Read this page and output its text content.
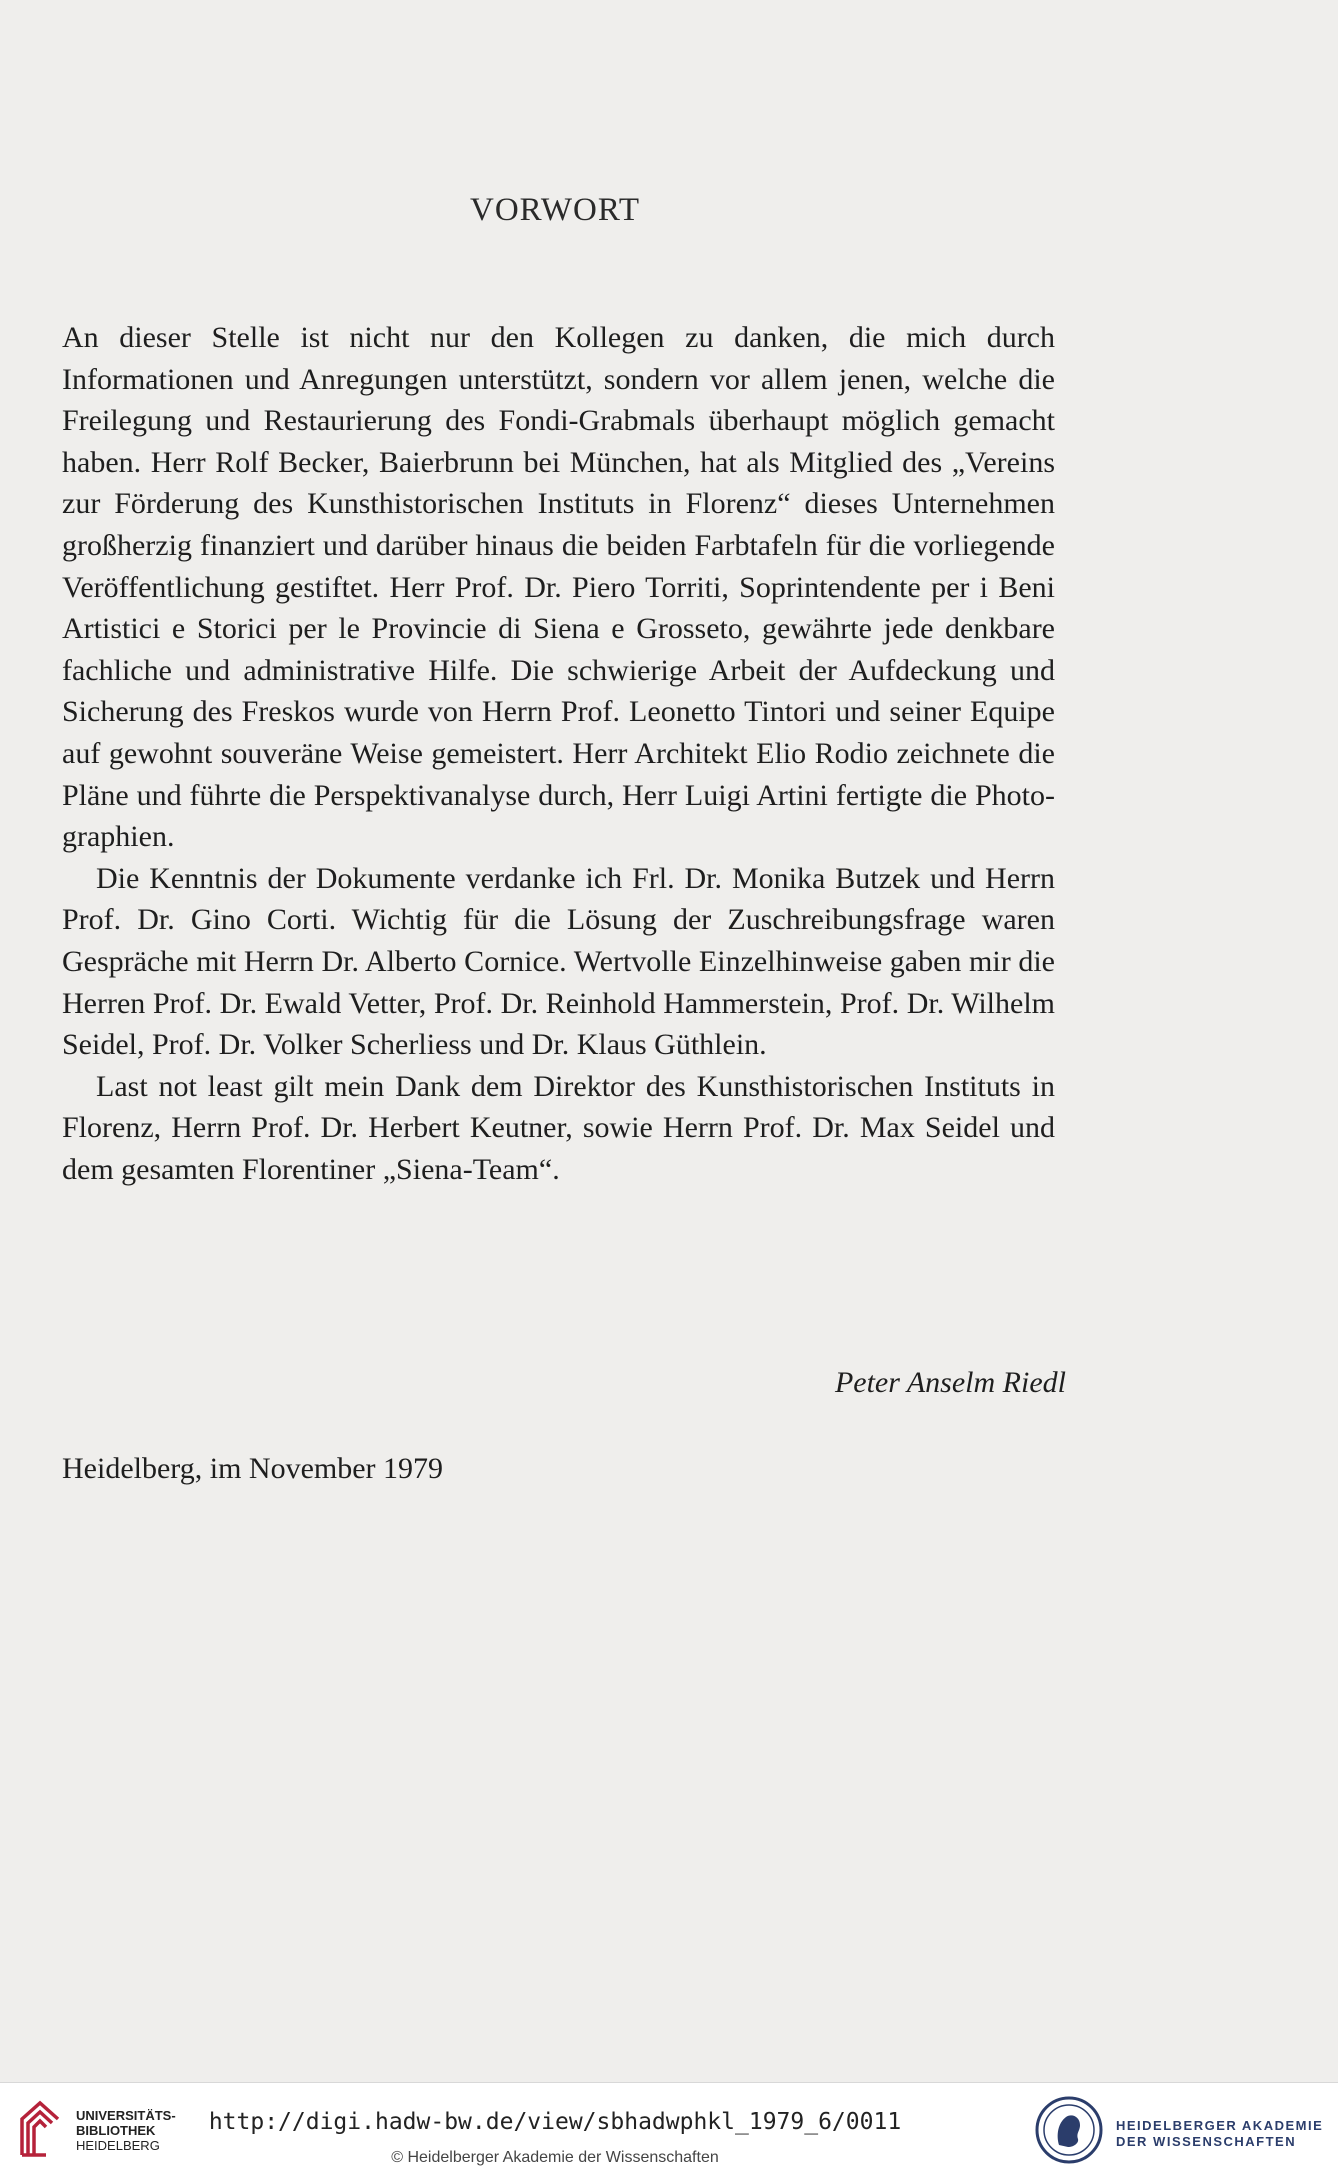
VORWORT

An dieser Stelle ist nicht nur den Kollegen zu danken, die mich durch Informationen und Anregungen unterstützt, sondern vor allem jenen, welche die Freilegung und Restaurierung des Fondi-Grabmals überhaupt möglich gemacht haben. Herr Rolf Becker, Baierbrunn bei München, hat als Mitglied des „Vereins zur Förderung des Kunsthistorischen Instituts in Florenz“ dieses Unternehmen großherzig finanziert und darüber hinaus die beiden Farbtafeln für die vorliegende Veröffentlichung gestiftet. Herr Prof. Dr. Piero Torriti, Soprintendente per i Beni Artistici e Storici per le Provincie di Siena e Grosseto, gewährte jede denkbare fachliche und administrative Hilfe. Die schwierige Arbeit der Aufdeckung und Sicherung des Freskos wurde von Herrn Prof. Leonetto Tintori und seiner Equipe auf gewohnt souveräne Weise gemeistert. Herr Architekt Elio Rodio zeichnete die Pläne und führte die Perspektivanalyse durch, Herr Luigi Artini fertigte die Photographien.

Die Kenntnis der Dokumente verdanke ich Frl. Dr. Monika Butzek und Herrn Prof. Dr. Gino Corti. Wichtig für die Lösung der Zuschreibungsfrage waren Gespräche mit Herrn Dr. Alberto Cornice. Wertvolle Einzelhinweise gaben mir die Herren Prof. Dr. Ewald Vetter, Prof. Dr. Reinhold Hammerstein, Prof. Dr. Wilhelm Seidel, Prof. Dr. Volker Scherliess und Dr. Klaus Güthlein.

Last not least gilt mein Dank dem Direktor des Kunsthistorischen Instituts in Florenz, Herrn Prof. Dr. Herbert Keutner, sowie Herrn Prof. Dr. Max Seidel und dem gesamten Florentiner „Siena-Team“.

Peter Anselm Riedl
Heidelberg, im November 1979
UNIVERSITÄTS-
BIBLIOTHEK
HEIDELBERG
http://digi.hadw-bw.de/view/sbhadwphkl_1979_6/0011
© Heidelberger Akademie der Wissenschaften
HEIDELBERGER AKADEMIE
DER WISSENSCHAFTEN
